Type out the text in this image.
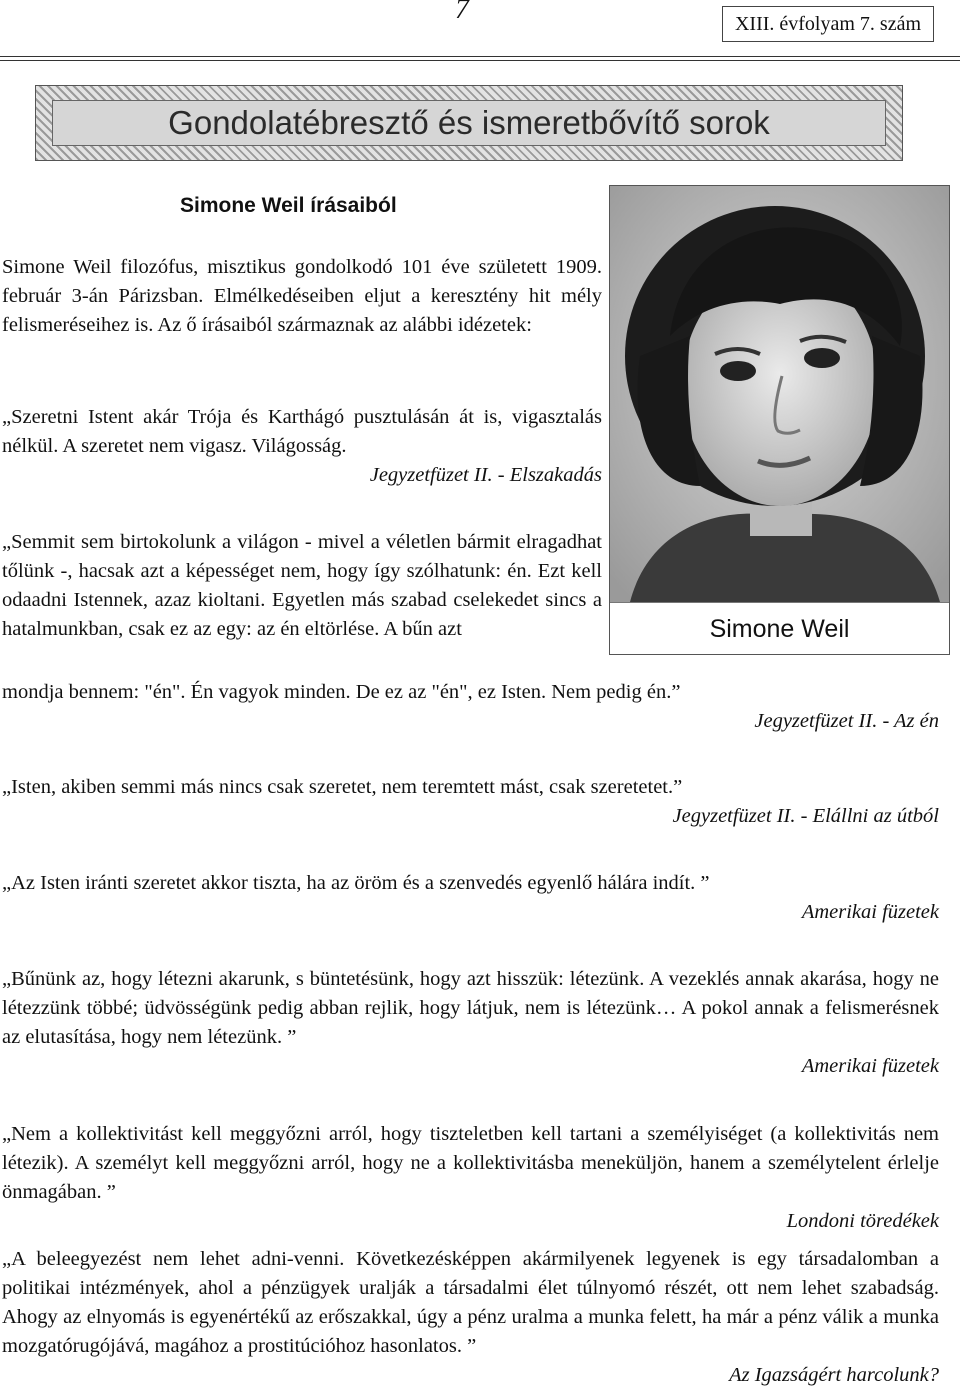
7	XIII. évfolyam 7. szám
Gondolatébresztő és ismeretbővítő sorok
Simone Weil írásaiból
Simone Weil

Simone Weil filozófus, misztikus gondolkodó 101 éve született 1909. február 3-án Párizsban. Elmélkedéseiben eljut a keresztény hit mély felismeréseihez is. Az ő írásaiból származnak az alábbi idézetek:

„Szeretni Istent akár Trója és Karthágó pusztulásán át is, vigasztalás nélkül. A szeretet nem vigasz. Világosság.

Jegyzetfüzet II. - Elszakadás

„Semmit sem birtokolunk a világon - mivel a véletlen bármit elragadhat tőlünk -, hacsak azt a képességet nem, hogy így szólhatunk: én. Ezt kell odaadni Istennek, azaz kioltani. Egyetlen más szabad cselekedet sincs a hatalmunkban, csak ez az egy: az én eltörlése. A bűn azt

mondja bennem: "én". Én vagyok minden. De ez az "én", ez Isten. Nem pedig én.”

Jegyzetfüzet II. - Az én

„Isten, akiben semmi más nincs csak szeretet, nem teremtett mást, csak szeretetet.”

Jegyzetfüzet II. - Elállni az útból

„Az Isten iránti szeretet akkor tiszta, ha az öröm és a szenvedés egyenlő hálára indít. ”

Amerikai füzetek

„Bűnünk az, hogy létezni akarunk, s büntetésünk, hogy azt hisszük: létezünk. A vezeklés annak akarása, hogy ne létezzünk többé; üdvösségünk pedig abban rejlik, hogy látjuk, nem is létezünk… A pokol annak a felismerésnek az elutasítása, hogy nem létezünk. ”

Amerikai füzetek

„Nem a kollektivitást kell meggyőzni arról, hogy tiszteletben kell tartani a személyiséget (a kollektivitás nem létezik). A személyt kell meggyőzni arról, hogy ne a kollektivitásba meneküljön, hanem a személytelent érlelje önmagában. ”

Londoni töredékek

„A beleegyezést nem lehet adni-venni. Következésképpen akármilyenek legyenek is egy társadalomban a politikai intézmények, ahol a pénzügyek uralják a társadalmi élet túlnyomó részét, ott nem lehet szabadság. Ahogy az elnyomás is egyenértékű az erőszakkal, úgy a pénz uralma a munka felett, ha már a pénz válik a munka mozgatórugójává, magához a prostitúcióhoz hasonlatos. ”

Az Igazságért harcolunk?
